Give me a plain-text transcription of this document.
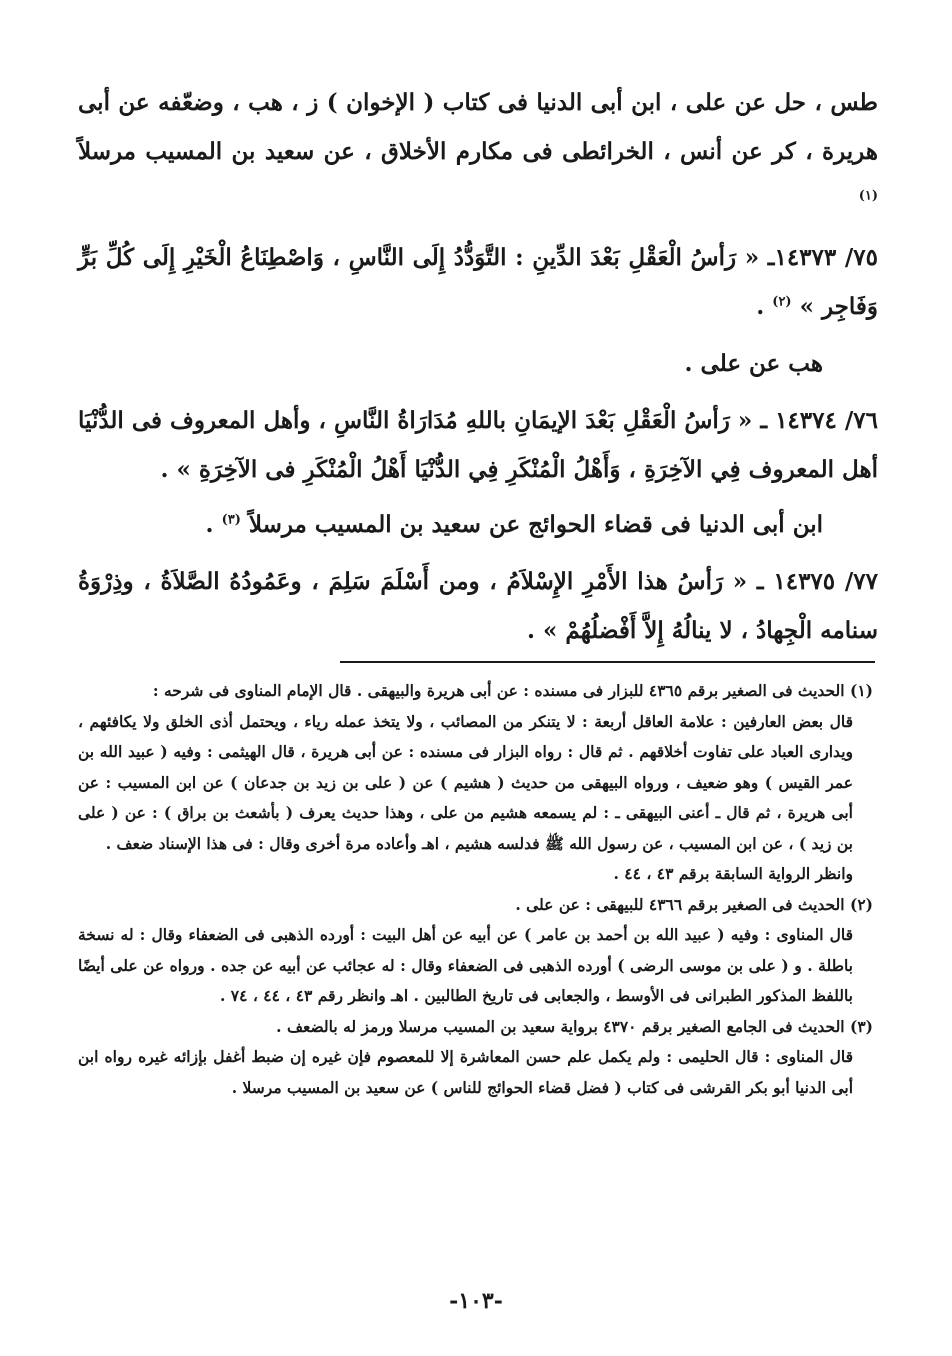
طس ، حل عن على ، ابن أبى الدنيا فى كتاب ( الإخوان ) ز ، هب ، وضعّفه عن أبى هريرة ، كر عن أنس ، الخرائطى فى مكارم الأخلاق ، عن سعيد بن المسيب مرسلاً $^{(١)}$

٧٥/ ١٤٣٧٣ـ « رَأسُ الْعَقْلِ بَعْدَ الدِّينِ : التَّوَدُّدُ إِلَى النَّاسِ ، وَاصْطِنَاعُ الْخَيْرِ إِلَى كُلِّ بَرٍّ وَفَاجِر » $^{(٢)}$ .

هب عن على .

٧٦/ ١٤٣٧٤ ـ « رَأسُ الْعَقْلِ بَعْدَ الإيمَانِ باللهِ مُدَارَاةُ النَّاسِ ، وأهل المعروف فى الدُّنْيَا أهل المعروف فِي الآخِرَةِ ، وَأَهْلُ الْمُنْكَرِ فِي الدُّنْيَا أَهْلُ الْمُنْكَرِ فى الآخِرَةِ » .

ابن أبى الدنيا فى قضاء الحوائج عن سعيد بن المسيب مرسلاً $^{(٣)}$ .

٧٧/ ١٤٣٧٥ ـ « رَأسُ هذا الأَمْرِ الإِسْلاَمُ ، ومن أَسْلَمَ سَلِمَ ، وعَمُودُهُ الصَّلاَةُ ، وذِرْوَةُ سنامه الْجِهادُ ، لا ينالُهُ إِلاَّ أَفْضلُهُمْ » .

(١) الحديث فى الصغير برقم ٤٣٦٥ للبزار فى مسنده : عن أبى هريرة والبيهقى . قال الإمام المناوى فى شرحه :

قال بعض العارفين : علامة العاقل أربعة : لا يتنكر من المصائب ، ولا يتخذ عمله رياء ، ويحتمل أذى الخلق ولا يكافئهم ، ويدارى العباد على تفاوت أخلاقهم . ثم قال : رواه البزار فى مسنده : عن أبى هريرة ، قال الهيثمى : وفيه ( عبيد الله بن عمر القيس ) وهو ضعيف ، ورواه البيهقى من حديث ( هشيم ) عن ( على بن زيد بن جدعان ) عن ابن المسيب : عن أبى هريرة ، ثم قال ـ أعنى البيهقى ـ : لم يسمعه هشيم من على ، وهذا حديث يعرف ( بأشعث بن براق ) : عن ( على بن زيد ) ، عن ابن المسيب ، عن رسول الله ﷺ فدلسه هشيم ، اهـ وأعاده مرة أخرى وقال : فى هذا الإسناد ضعف .

وانظر الرواية السابقة برقم ٤٣ ، ٤٤ .

(٢) الحديث فى الصغير برقم ٤٣٦٦ للبيهقى : عن على .

قال المناوى : وفيه ( عبيد الله بن أحمد بن عامر ) عن أبيه عن أهل البيت : أورده الذهبى فى الضعفاء وقال : له نسخة باطلة . و ( على بن موسى الرضى ) أورده الذهبى فى الضعفاء وقال : له عجائب عن أبيه عن جده . ورواه عن على أيضًا باللفظ المذكور الطبرانى فى الأوسط ، والجعابى فى تاريخ الطالبين . اهـ وانظر رقم ٤٣ ، ٤٤ ، ٧٤ .

(٣) الحديث فى الجامع الصغير برقم ٤٣٧٠ برواية سعيد بن المسيب مرسلا ورمز له بالضعف .

قال المناوى : قال الحليمى : ولم يكمل علم حسن المعاشرة إلا للمعصوم فإن غيره إن ضبط أغفل بإزائه غيره رواه ابن أبى الدنيا أبو بكر القرشى فى كتاب ( فضل قضاء الحوائج للناس ) عن سعيد بن المسيب مرسلا .

-١٠٣-
